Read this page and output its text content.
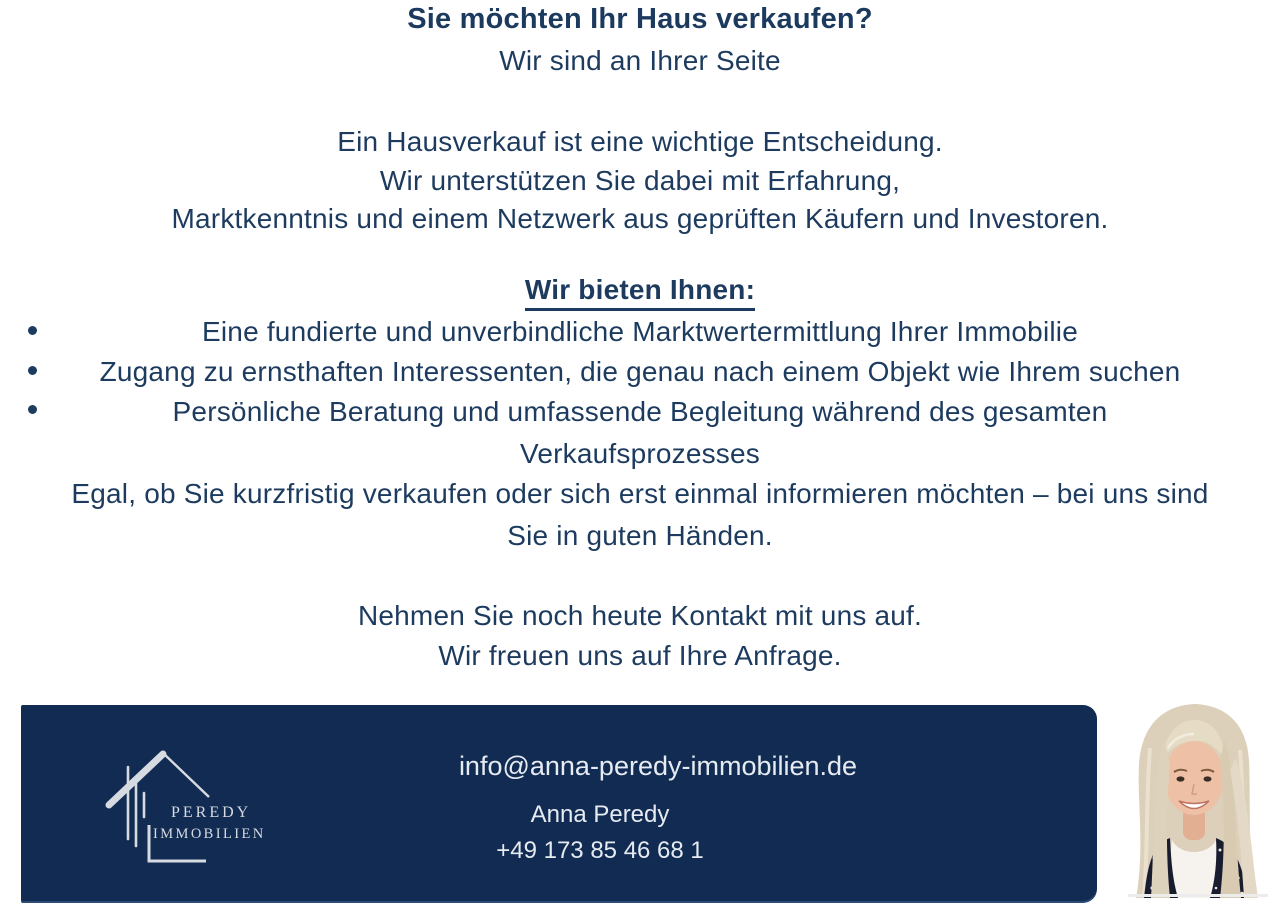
Sie möchten Ihr Haus verkaufen?
Wir sind an Ihrer Seite
Ein Hausverkauf ist eine wichtige Entscheidung.
Wir unterstützen Sie dabei mit Erfahrung,
Marktkenntnis und einem Netzwerk aus geprüften Käufern und Investoren.
Wir bieten Ihnen:
Eine fundierte und unverbindliche Marktwertermittlung Ihrer Immobilie
Zugang zu ernsthaften Interessenten, die genau nach einem Objekt wie Ihrem suchen
Persönliche Beratung und umfassende Begleitung während des gesamten
Verkaufsprozesses
Egal, ob Sie kurzfristig verkaufen oder sich erst einmal informieren möchten – bei uns sind
Sie in guten Händen.
Nehmen Sie noch heute Kontakt mit uns auf.
Wir freuen uns auf Ihre Anfrage.
PEREDY
IMMOBILIEN
info@anna-peredy-immobilien.de
Anna Peredy
+49 173 85 46 68 1
